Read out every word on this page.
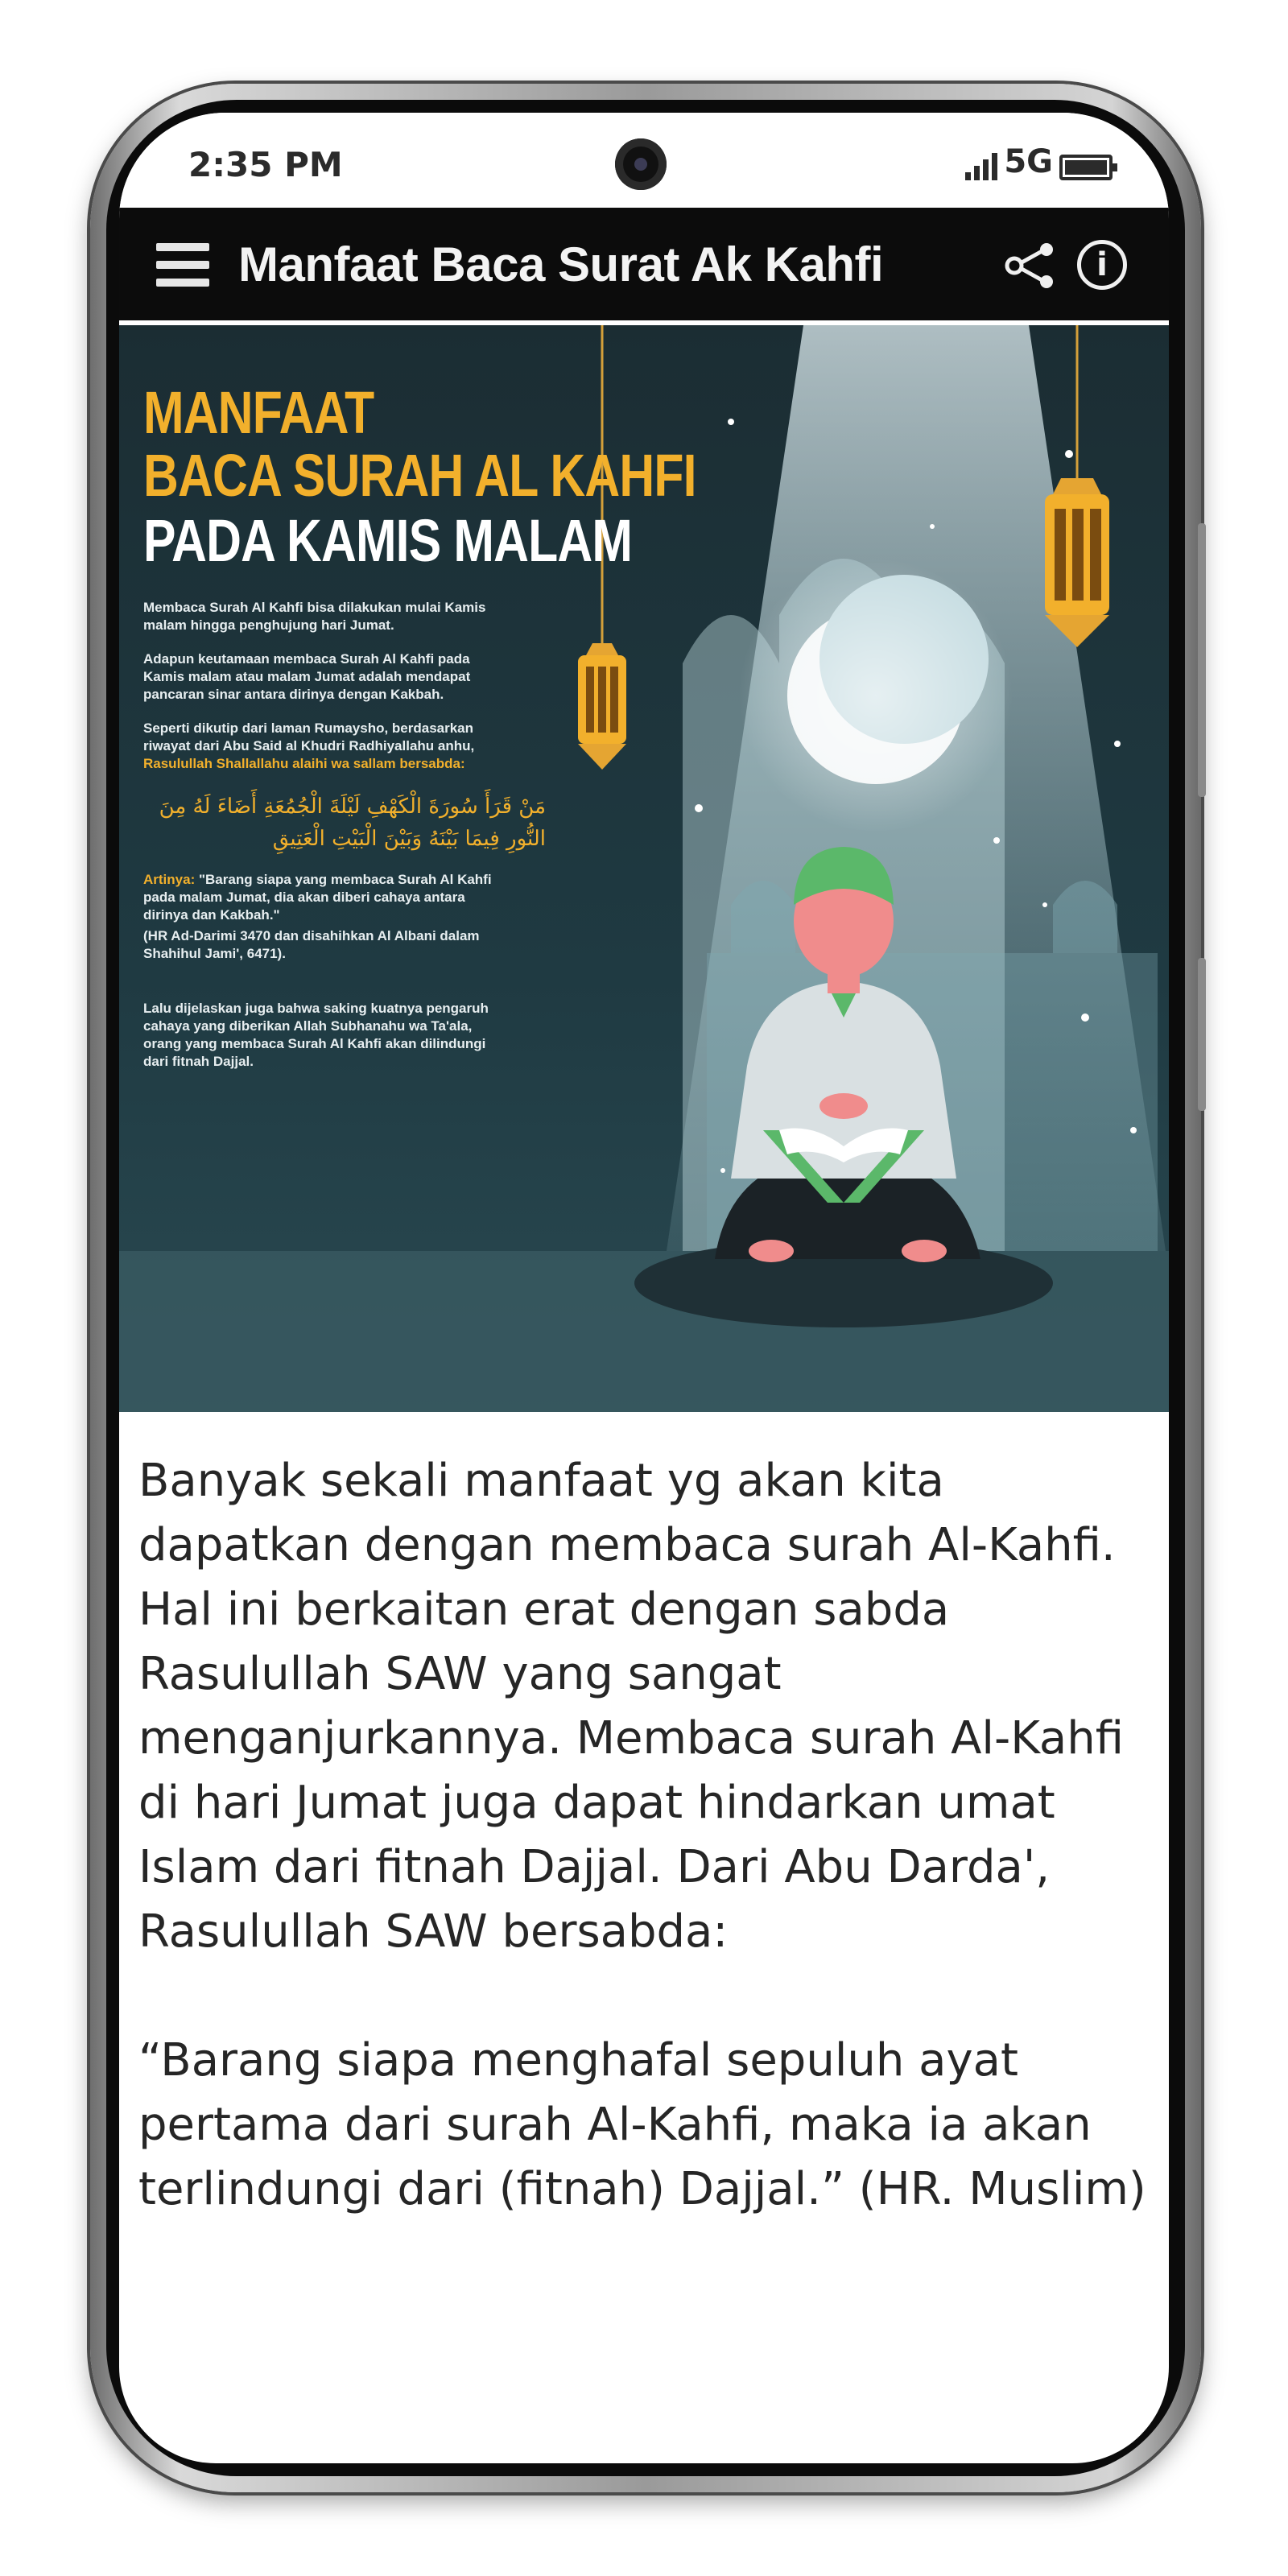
2:35 PM	5G
Manfaat Baca Surat Ak Kahfi	i
MANFAAT
BACA SURAH AL KAHFI
PADA KAMIS MALAM
Membaca Surah Al Kahfi bisa dilakukan mulai Kamis malam hingga penghujung hari Jumat.
Adapun keutamaan membaca Surah Al Kahfi pada Kamis malam atau malam Jumat adalah mendapat pancaran sinar antara dirinya dengan Kakbah.
Seperti dikutip dari laman Rumaysho, berdasarkan riwayat dari Abu Said al Khudri Radhiyallahu anhu, Rasulullah Shallallahu alaihi wa sallam bersabda:
مَنْ قَرَأَ سُورَةَ الْكَهْفِ لَيْلَةَ الْجُمُعَةِ أَضَاءَ لَهُ مِنَ النُّورِ فِيمَا بَيْنَهُ وَبَيْنَ الْبَيْتِ الْعَتِيقِ
Artinya: "Barang siapa yang membaca Surah Al Kahfi pada malam Jumat, dia akan diberi cahaya antara dirinya dan Kakbah."
(HR Ad-Darimi 3470 dan disahihkan Al Albani dalam Shahihul Jami', 6471).
Lalu dijelaskan juga bahwa saking kuatnya pengaruh cahaya yang diberikan Allah Subhanahu wa Ta'ala, orang yang membaca Surah Al Kahfi akan dilindungi dari fitnah Dajjal.

Banyak sekali manfaat yg akan kita dapatkan dengan membaca surah Al-Kahfi. Hal ini berkaitan erat dengan sabda Rasulullah SAW yang sangat menganjurkannya. Membaca surah Al-Kahfi di hari Jumat juga dapat hindarkan umat Islam dari fitnah Dajjal. Dari Abu Darda', Rasulullah SAW bersabda:

“Barang siapa menghafal sepuluh ayat pertama dari surah Al-Kahfi, maka ia akan terlindungi dari (fitnah) Dajjal.” (HR. Muslim)
